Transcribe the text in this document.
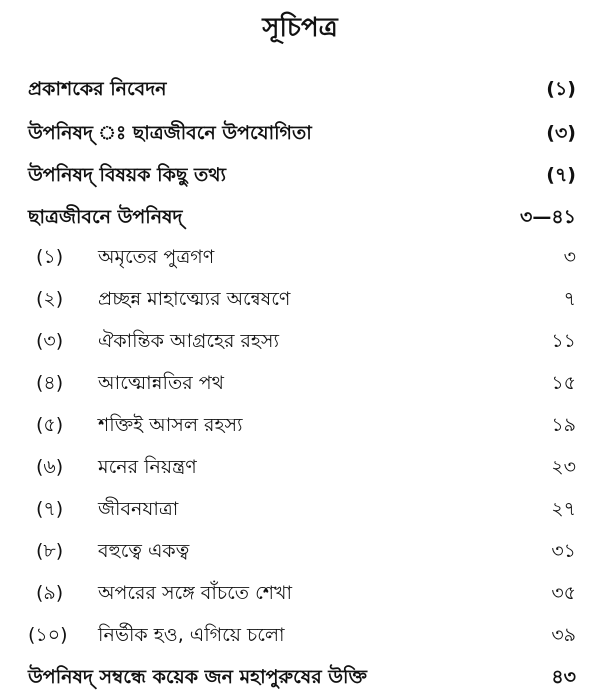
সূচিপত্র
প্রকাশকের নিবেদন	(১)
উপনিষদ্ ঃ ছাত্রজীবনে উপযোগিতা	(৩)
উপনিষদ্ বিষয়ক কিছু তথ্য	(৭)
ছাত্রজীবনে উপনিষদ্	৩—৪১
(১) অমৃতের পুত্রগণ	৩
(২) প্রচ্ছন্ন মাহাত্ম্যের অন্বেষণে	৭
(৩) ঐকান্তিক আগ্রহের রহস্য	১১
(৪) আত্মোন্নতির পথ	১৫
(৫) শক্তিই আসল রহস্য	১৯
(৬) মনের নিয়ন্ত্রণ	২৩
(৭) জীবনযাত্রা	২৭
(৮) বহুত্বে একত্ব	৩১
(৯) অপরের সঙ্গে বাঁচতে শেখা	৩৫
(১০) নির্ভীক হও, এগিয়ে চলো	৩৯
উপনিষদ্ সম্বন্ধে কয়েক জন মহাপুরুষের উক্তি	৪৩
